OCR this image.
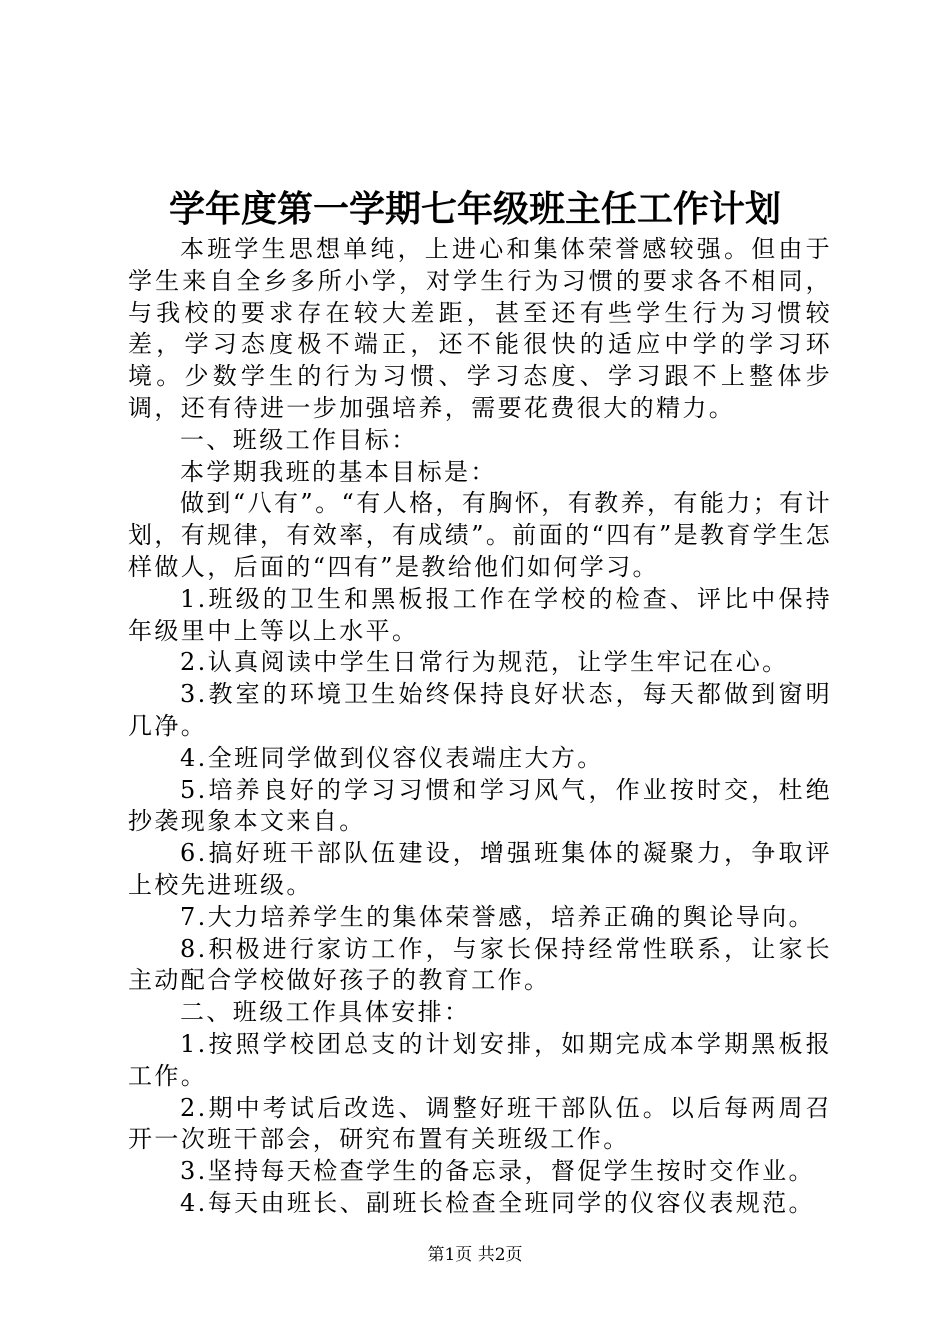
学年度第一学期七年级班主任工作计划

本班学生思想单纯，上进心和集体荣誉感较强。但由于学生来自全乡多所小学，对学生行为习惯的要求各不相同，与我校的要求存在较大差距，甚至还有些学生行为习惯较差，学习态度极不端正，还不能很快的适应中学的学习环境。少数学生的行为习惯、学习态度、学习跟不上整体步调，还有待进一步加强培养，需要花费很大的精力。

一、班级工作目标：

本学期我班的基本目标是：

做到“八有”。“有人格，有胸怀，有教养，有能力；有计划，有规律，有效率，有成绩”。前面的“四有”是教育学生怎样做人，后面的“四有”是教给他们如何学习。

1.班级的卫生和黑板报工作在学校的检查、评比中保持年级里中上等以上水平。

2.认真阅读中学生日常行为规范，让学生牢记在心。

3.教室的环境卫生始终保持良好状态，每天都做到窗明几净。

4.全班同学做到仪容仪表端庄大方。

5.培养良好的学习习惯和学习风气，作业按时交，杜绝抄袭现象本文来自。

6.搞好班干部队伍建设，增强班集体的凝聚力，争取评上校先进班级。

7.大力培养学生的集体荣誉感，培养正确的舆论导向。

8.积极进行家访工作，与家长保持经常性联系，让家长主动配合学校做好孩子的教育工作。

二、班级工作具体安排：

1.按照学校团总支的计划安排，如期完成本学期黑板报工作。

2.期中考试后改选、调整好班干部队伍。以后每两周召开一次班干部会，研究布置有关班级工作。

3.坚持每天检查学生的备忘录，督促学生按时交作业。

4.每天由班长、副班长检查全班同学的仪容仪表规范。

第1页 共2页
